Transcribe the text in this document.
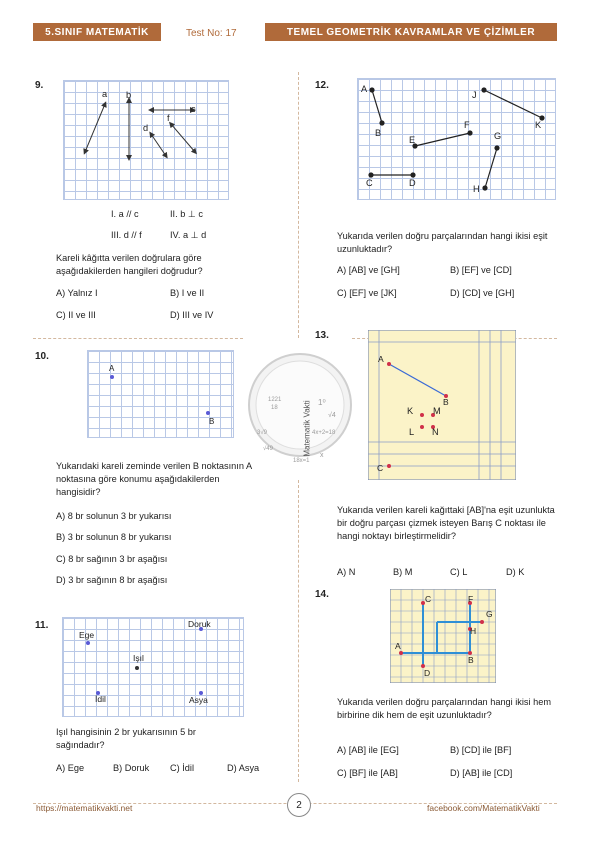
5.SINIF MATEMATİK	Test No: 17	TEMEL GEOMETRİK KAVRAMLAR VE ÇİZİMLER
9.
a b
c
d
f
I. a // c	II. b ⊥ c
III. d // f	IV. a ⊥ d
Kareli kâğıtta verilen doğrulara göre aşağıdakilerden hangileri doğrudur?
A) Yalnız I	B) I ve II
C) II ve III	D) III ve IV
10.
A
B
Yukarıdaki kareli zeminde verilen B noktasının A noktasına göre konumu aşağıdakilerden hangisidir?
A) 8 br solunun 3 br yukarısı
B) 3 br solunun 8 br yukarısı
C) 8 br sağının 3 br aşağısı
D) 3 br sağının 8 br aşağısı
11.	Doruk
Ege
Işıl
İdil	Asya
Işıl hangisinin 2 br yukarısının 5 br sağındadır?
A) Ege	B) Doruk C) İdil	D) Asya
12.	A
B
J
K
E
F
G
C	D
H
Yukarıda verilen doğru parçalarından hangi ikisi eşit uzunluktadır?
A) [AB] ve [GH]	B) [EF] ve [CD]
C) [EF] ve [JK]	D) [CD] ve [GH]
13.
A
B
K M
L N
C
Yukarıda verilen kareli kağıttaki [AB]'na eşit uzunlukta bir doğru parçası çizmek isteyen Barış C noktası ile hangi noktayı birleştirmelidir?
A) N	B) M	C) L	D) K
14.	C	F
G
H
A
B
D
Yukarıda verilen doğru parçalarından hangi ikisi hem birbirine dik hem de eşit uzunluktadır?
A) [AB] ile [EG]	B) [CD] ile [BF]
C) [BF] ile [AB]	D) [AB] ile [CD]
1221
18
1⁰
√4
4x+2=18
3√9
√49
18x=1
x
Matematik Vakti
https://matematikvakti.net	2	facebook.com/MatematikVakti
